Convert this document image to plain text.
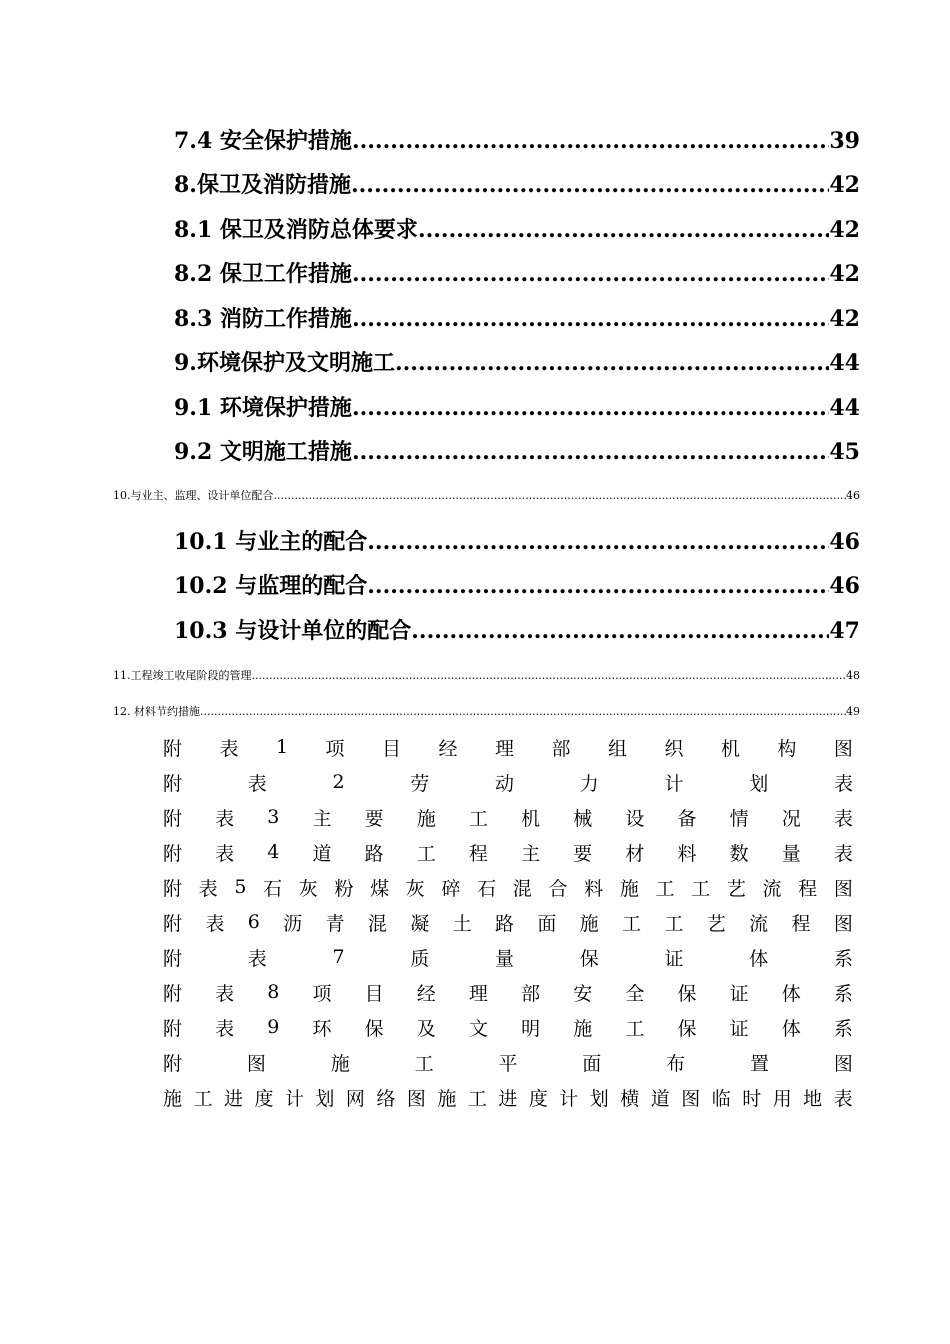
7.4 安全保护措施 .....	39
8.保卫及消防措施 .....	42
8.1 保卫及消防总体要求 .....	42
8.2 保卫工作措施 .....	42
8.3 消防工作措施 .....	42
9.环境保护及文明施工 .....	44
9.1 环境保护措施 .....	44
9.2 文明施工措施 .....	45
10.与业主、监理、设计单位配合 .....	46
10.1 与业主的配合 .....	46
10.2 与监理的配合 .....	46
10.3 与设计单位的配合 .....	47
11.工程竣工收尾阶段的管理 .....	48
12. 材料节约措施 .....	49
附 表 1 项 目 经 理 部 组 织 机 构 图
附	表	2	劳	动	力	计	划	表
附 表 3 主 要 施 工 机 械 设 备 情 况 表
附 表 4 道 路 工 程 主 要 材 料 数 量 表
附 表 5 石 灰 粉 煤 灰 碎 石 混 合 料 施 工 工 艺 流 程 图
附 表 6 沥 青 混 凝 土 路 面 施 工 工 艺 流 程 图
附	表	7	质	量	保	证	体	系
附 表 8 项 目 经 理 部 安 全 保 证 体 系
附 表 9 环 保 及 文 明 施 工 保 证 体 系
附	图	施	工	平	面	布	置	图
施 工 进 度 计 划 网 络 图 施 工 进 度 计 划 横 道 图 临 时 用 地 表
